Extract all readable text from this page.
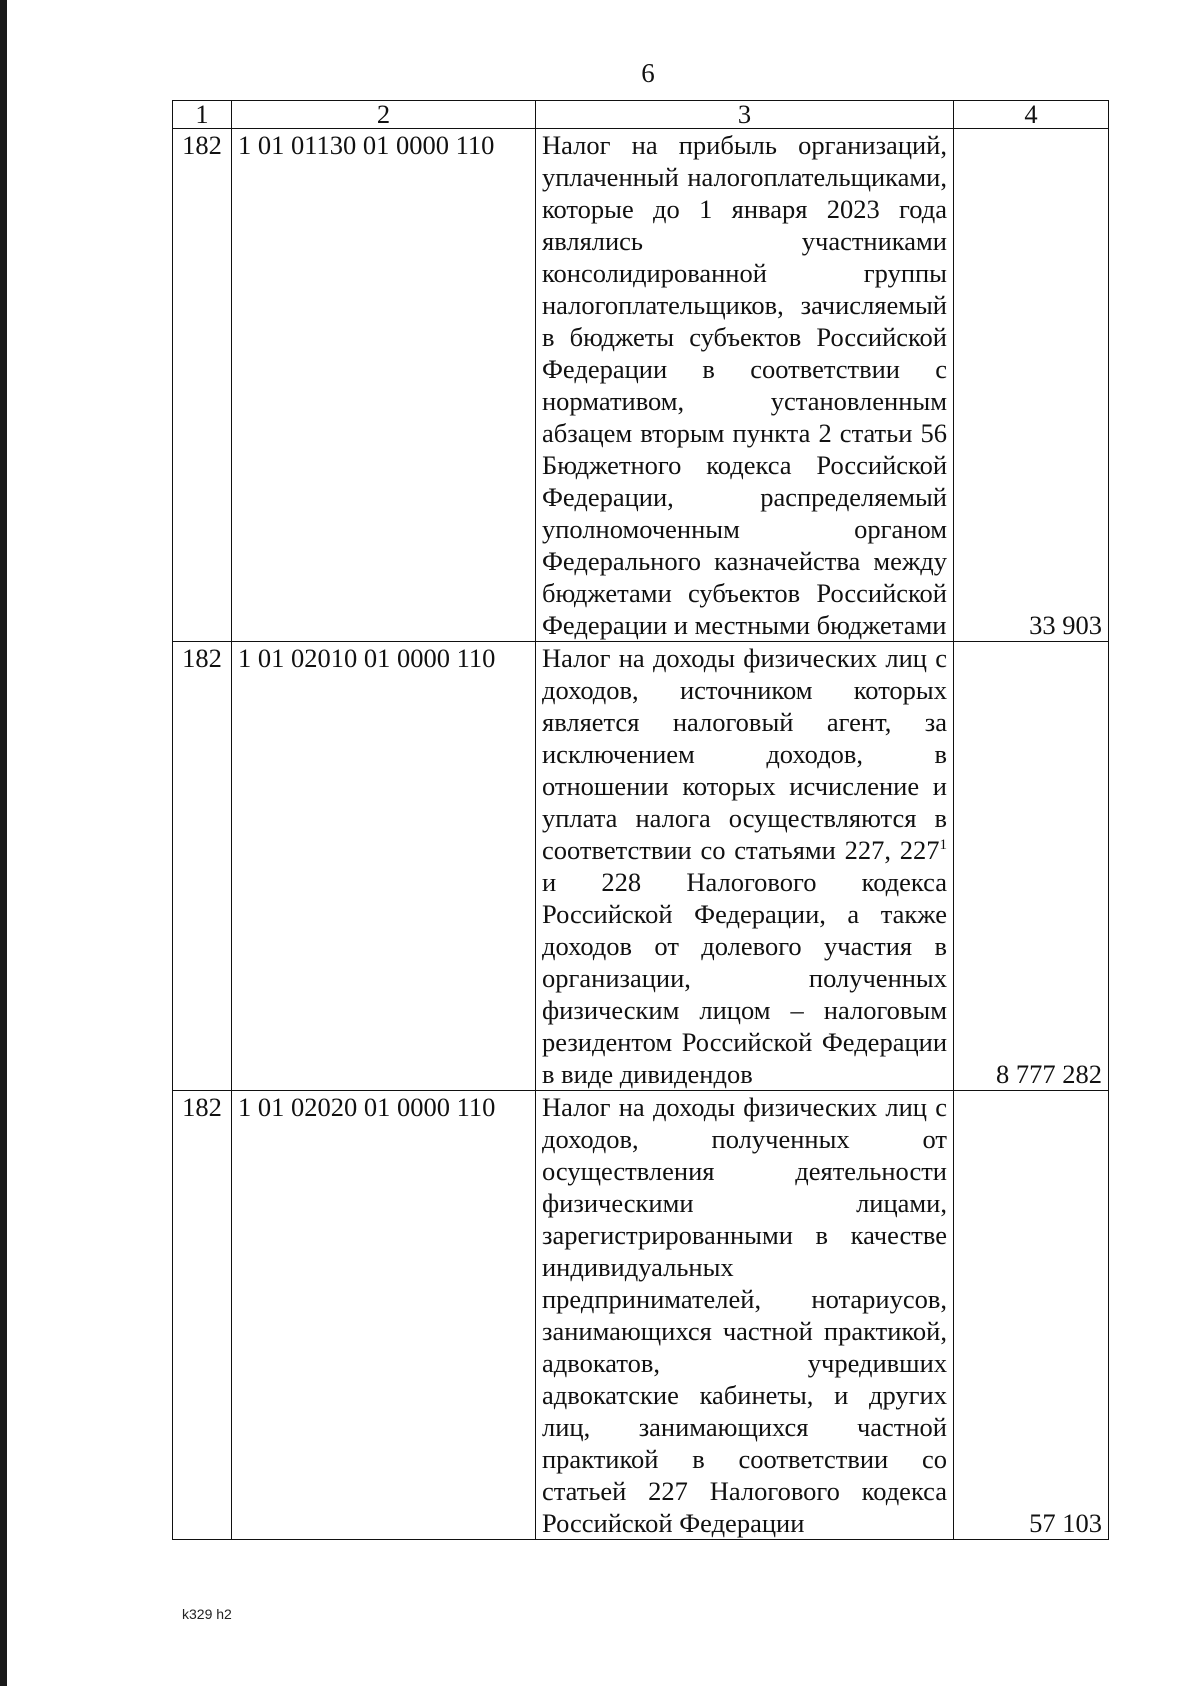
6
1	2	3	4
182	1 01 01130 01 0000 110	Налог на прибыль организаций, уплаченный налогоплательщиками, которые до 1 января 2023 года являлись участниками консолидированной группы налогоплательщиков, зачисляемый в бюджеты субъектов Российской Федерации в соответствии с нормативом, установленным абзацем вторым пункта 2 статьи 56 Бюджетного кодекса Российской Федерации, распределяемый уполномоченным органом Федерального казначейства между бюджетами субъектов Российской Федерации и местными бюджетами	33 903
182	1 01 02010 01 0000 110	Налог на доходы физических лиц с доходов, источником которых является налоговый агент, за исключением доходов, в отношении которых исчисление и уплата налога осуществляются в соответствии со статьями 227, $227^1$ и 228 Налогового кодекса Российской Федерации, а также доходов от долевого участия в организации, полученных физическим лицом – налоговым резидентом Российской Федерации в виде дивидендов	8 777 282
182	1 01 02020 01 0000 110	Налог на доходы физических лиц с доходов, полученных от осуществления деятельности физическими лицами, зарегистрированными в качестве индивидуальных предпринимателей, нотариусов, занимающихся частной практикой, адвокатов, учредивших адвокатские кабинеты, и других лиц, занимающихся частной практикой в соответствии со статьей 227 Налогового кодекса Российской Федерации	57 103
k329 h2
